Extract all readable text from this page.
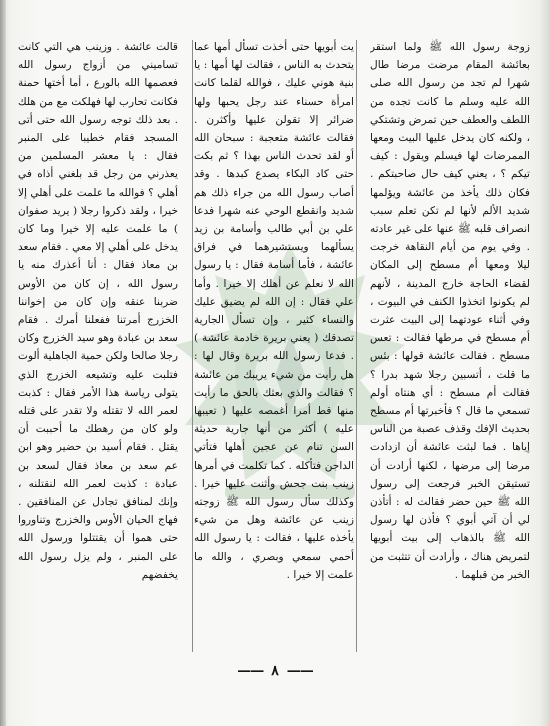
زوجة رسول الله ﷺ ولما استقر بعائشة المقام مرضت مرضا طال شهرا لم تجد من رسول الله صلى الله عليه وسلم ما كانت تجده من اللطف والعطف حين تمرض وتشتكي ، ولكنه كان يدخل عليها البيت ومعها الممرضات لها فيسلم ويقول : كيف تيكم ؟ ، يعني كيف حال صاحبتكم . فكان ذلك يأخذ من عائشة ويؤلمها شديد الألم لأنها لم تكن تعلم سبب انصراف قلبه ﷺ عنها على غير عادته . وفي يوم من أيام النقاهة خرجت ليلا ومعها أم مسطح إلى المكان لقضاء الحاجة خارج المدينة ، لأنهم لم يكونوا اتخذوا الكنف في البيوت ، وفي أثناء عودتهما إلى البيت عثرت أم مسطح في مرطها فقالت : تعس مسطح . فقالت عائشة قولها : بئس ما قلت ، أتسبين رجلا شهد بدرا ؟ فقالت أم مسطح : أي هنتاه أولم تسمعي ما قال ؟ فأخبرتها أم مسطح بحديث الإفك وقذف عصبة من الناس إياها . فما لبثت عائشة أن ازدادت مرضا إلى مرضها ، لكنها أرادت أن تستيقن الخبر فرجعت إلى رسول الله ﷺ حين حضر فقالت له : أتأذن لي أن آتي أبوي ؟ فأذن لها رسول الله ﷺ بالذهاب إلى بيت أبويها لتمريض هناك ، وأرادت أن تتثبت من الخبر من قبلهما .

يت أبويها حتى أخذت تسأل أمها عما يتحدث به الناس ، فقالت لها أمها : يا بنية هوني عليك ، فوالله لقلما كانت امرأة حسناء عند رجل يحبها ولها ضرائر إلا تقولن عليها وأكثرن . فقالت عائشة متعجبة : سبحان الله أو لقد تحدث الناس بهذا ؟ ثم بكت حتى كاد البكاء يصدع كبدها . وقد أصاب رسول الله من جراء ذلك هم شديد وانقطع الوحي عنه شهرا فدعا علي بن أبي طالب وأسامة بن زيد يسألهما ويستشيرهما في فراق عائشة ، فأما أسامة فقال : يا رسول الله لا نعلم عن أهلك إلا خيرا . وأما علي فقال : إن الله لم يضيق عليك والنساء كثير ، وإن تسأل الجارية تصدقك ( يعني بريرة خادمة عائشة ) . فدعا رسول الله بريرة وقال لها : هل رأيت من شيء يريبك من عائشة ؟ فقالت والذي بعثك بالحق ما رأيت منها قط أمرا أغمصه عليها ( تعيبها عليه ) أكثر من أنها جارية حديثة السن تنام عن عجين أهلها فتأتي الداجن فتأكله . كما تكلمت في أمرها زينب بنت جحش وأثنت عليها خيرا . وكذلك سأل رسول الله ﷺ زوجته زينب عن عائشة وهل من شيء يأخذه عليها ، فقالت : يا رسول الله أحمي سمعي وبصري ، والله ما علمت إلا خيرا .

قالت عائشة . وزينب هي التي كانت تساميني من أزواج رسول الله فعصمها الله بالورع ، أما أختها حمنة فكانت تحارب لها فهلكت مع من هلك . بعد ذلك توجه رسول الله حتى أتى المسجد فقام خطيبا على المنبر فقال : يا معشر المسلمين من يعذرني من رجل قد بلغني أذاه في أهلي ؟ فوالله ما علمت على أهلي إلا خيرا ، ولقد ذكروا رجلا ( يريد صفوان ) ما علمت عليه إلا خيرا وما كان يدخل على أهلي إلا معي . فقام سعد بن معاذ فقال : أنا أعذرك منه يا رسول الله ، إن كان من الأوس ضربنا عنقه وإن كان من إخواننا الخزرج أمرتنا ففعلنا أمرك . فقام سعد بن عبادة وهو سيد الخزرج وكان رجلا صالحا ولكن حمية الجاهلية ألوت فتلبت عليه وتشيعه الخزرج الذي يتولى رياسة هذا الأمر فقال : كذبت لعمر الله لا تقتله ولا تقدر على قتله ولو كان من رهطك ما أحببت أن يقتل . فقام أسيد بن حضير وهو ابن عم سعد بن معاذ فقال لسعد بن عبادة : كذبت لعمر الله لنقتلنه ، وإنك لمنافق تجادل عن المنافقين . فهاج الحيان الأوس والخزرج وتناوروا حتى هموا أن يقتتلوا ورسول الله على المنبر ، ولم يزل رسول الله يخفضهم

——
٨
——
